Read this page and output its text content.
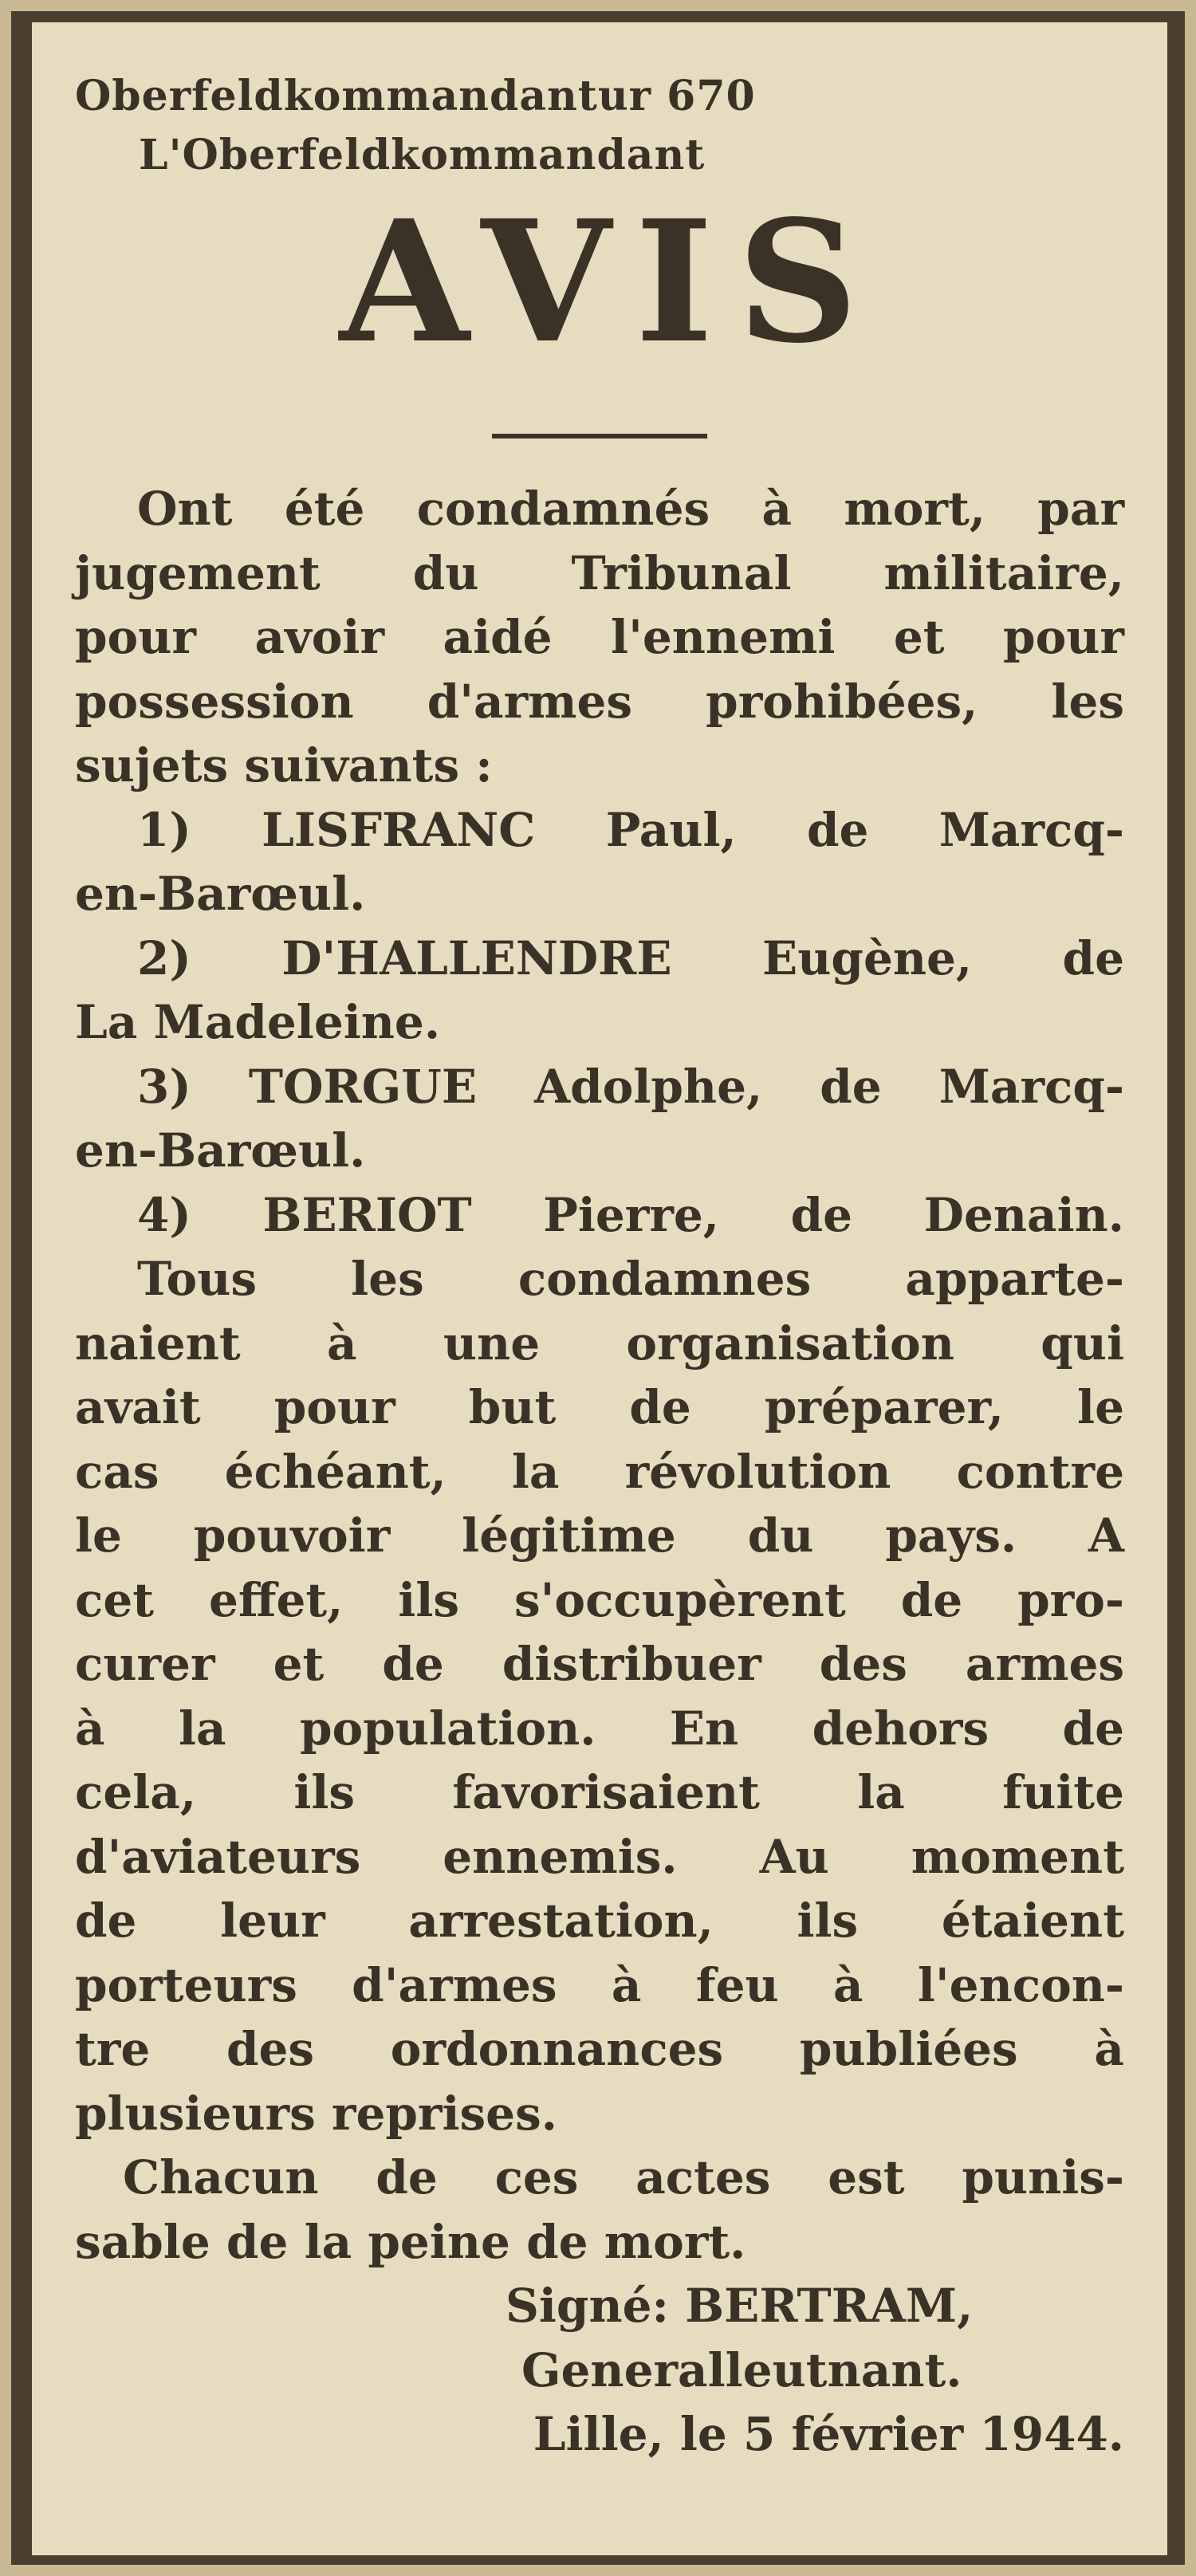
Oberfeldkommandantur 670
L'Oberfeldkommandant
AVIS
Ont été condamnés à mort, par
jugement du Tribunal militaire,
pour avoir aidé l'ennemi et pour
possession d'armes prohibées, les
sujets suivants :
1) LISFRANC Paul, de Marcq-
en-Barœul.
2) D'HALLENDRE Eugène, de
La Madeleine.
3) TORGUE Adolphe, de Marcq-
en-Barœul.
4) BERIOT Pierre, de Denain.
Tous les condamnes apparte-
naient à une organisation qui
avait pour but de préparer, le
cas échéant, la révolution contre
le pouvoir légitime du pays. A
cet effet, ils s'occupèrent de pro-
curer et de distribuer des armes
à la population. En dehors de
cela, ils favorisaient la fuite
d'aviateurs ennemis. Au moment
de leur arrestation, ils étaient
porteurs d'armes à feu à l'encon-
tre des ordonnances publiées à
plusieurs reprises.
Chacun de ces actes est punis-
sable de la peine de mort.
Signé: BERTRAM,
Generalleutnant.
Lille, le 5 février 1944.
